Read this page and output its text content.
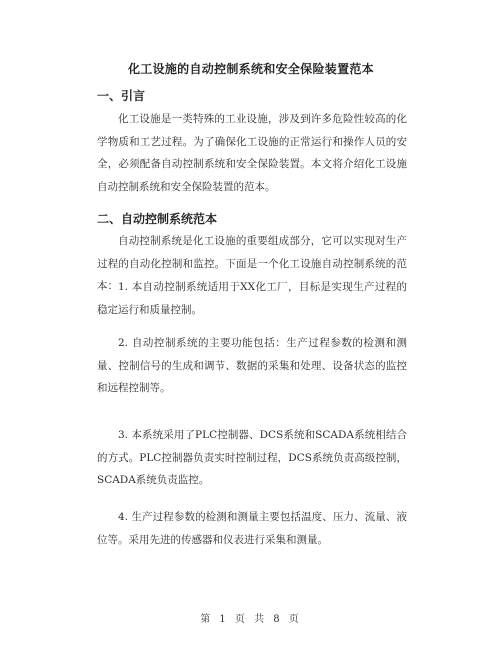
化工设施的自动控制系统和安全保险装置范本
一、引言
化工设施是一类特殊的工业设施，涉及到许多危险性较高的化学物质和工艺过程。为了确保化工设施的正常运行和操作人员的安全，必须配备自动控制系统和安全保险装置。本文将介绍化工设施自动控制系统和安全保险装置的范本。
二、自动控制系统范本
自动控制系统是化工设施的重要组成部分，它可以实现对生产过程的自动化控制和监控。下面是一个化工设施自动控制系统的范本： 1. 本自动控制系统适用于XX化工厂，目标是实现生产过程的稳定运行和质量控制。
2. 自动控制系统的主要功能包括：生产过程参数的检测和测量、控制信号的生成和调节、数据的采集和处理、设备状态的监控和远程控制等。
3. 本系统采用了PLC控制器、DCS系统和SCADA系统相结合的方式。PLC控制器负责实时控制过程，DCS系统负责高级控制，SCADA系统负责监控。
4. 生产过程参数的检测和测量主要包括温度、压力、流量、液位等。采用先进的传感器和仪表进行采集和测量。
第 1 页 共 8 页
